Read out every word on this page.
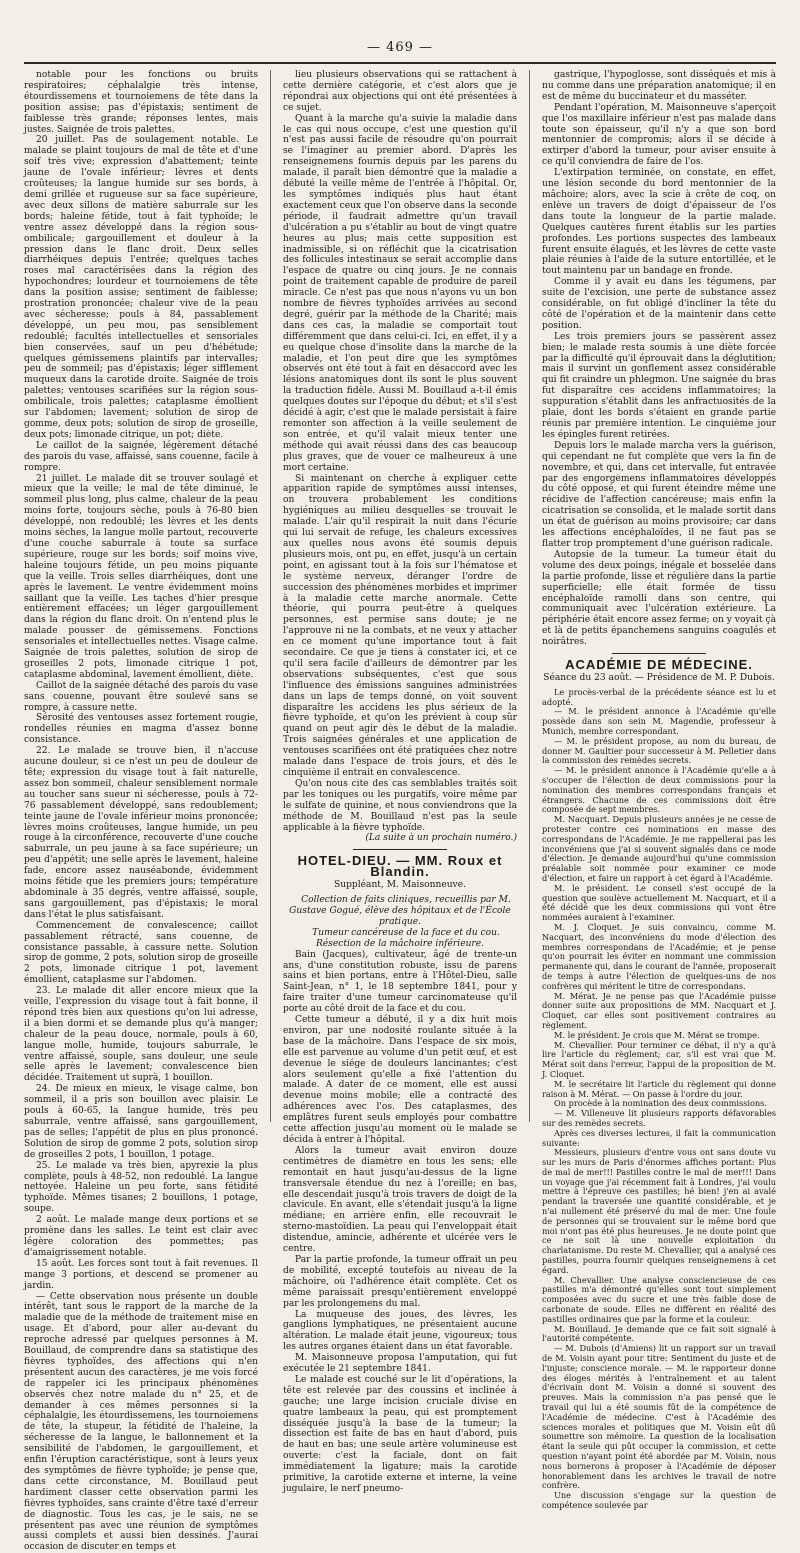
— 469 —

notable pour les fonctions ou bruits respiratoires; céphalalgie très intense, étourdissemens et tournoiemens de tête dans la position assise; pas d'épistaxis; sentiment de faiblesse très grande; réponses lentes, mais justes. Saignée de trois palettes.

20 juillet. Pas de soulagement notable. Le malade se plaint toujours de mal de tête et d'une soif très vive; expression d'abattement; teinte jaune de l'ovale inférieur; lèvres et dents croûteuses; la langue humide sur ses bords, à demi grillée et rugueuse sur sa face supérieure, avec deux sillons de matière saburrale sur les bords; haleine fétide, tout à fait typhoïde; le ventre assez développé dans la région sous-ombilicale; gargouillement et douleur à la pression dans le flanc droit. Deux selles diarrhéiques depuis l'entrée; quelques taches roses mal caractérisées dans la région des hypochondres; lourdeur et tournoiemens de tête dans la position assise; sentiment de faiblesse; prostration prononcée; chaleur vive de la peau avec sécheresse; pouls à 84, passablement développé, un peu mou, pas sensiblement redoublé; facultés intellectuelles et sensoriales bien conservées, sauf un peu d'hébétude; quelques gémissemens plaintifs par intervalles; peu de sommeil; pas d'épistaxis; léger sifflement muqueux dans la carotide droite. Saignée de trois palettes; ventouses scarifiées sur la région sous-ombilicale, trois palettes; cataplasme émollient sur l'abdomen; lavement; solution de sirop de gomme, deux pots; solution de sirop de groseille, deux pots; limonade citrique, un pot; diète.

Le caillot de la saignée, légèrement détaché des parois du vase, affaissé, sans couenne, facile à rompre.

21 juillet. Le malade dit se trouver soulagé et mieux que la veille; le mal de tête diminué, le sommeil plus long, plus calme, chaleur de la peau moins forte, toujours sèche, pouls à 76-80 bien développé, non redoublé; les lèvres et les dents moins sèches, la langue molle partout, recouverte d'une couche saburrale à toute sa surface supérieure, rouge sur les bords; soif moins vive, haleine toujours fétide, un peu moins piquante que la veille. Trois selles diarrhéiques, dont une après le lavement. Le ventre évidemment moins saillant que la veille. Les taches d'hier presque entièrement effacées; un léger gargouillement dans la région du flanc droit. On n'entend plus le malade pousser de gémissemens. Fonctions sensoriales et intellectuelles nettes. Visage calme. Saignée de trois palettes, solution de sirop de groseilles 2 pots, limonade citrique 1 pot, cataplasme abdominal, lavement émollient, diète.

Caillot de la saignée détaché des parois du vase sans couenne, pouvant être soulevé sans se rompre, à cassure nette.

Sérosité des ventouses assez fortement rougie, rondelles réunies en magma d'assez bonne consistance.

22. Le malade se trouve bien, il n'accuse aucune douleur, si ce n'est un peu de douleur de tête; expression du visage tout à fait naturelle, assez bon sommeil, chaleur sensiblement normale au toucher sans sueur ni sécheresse, pouls à 72-76 passablement développé, sans redoublement; teinte jaune de l'ovale inférieur moins prononcée; lèvres moins croûteuses, langue humide, un peu rouge à la circonférence, recouverte d'une couche saburrale, un peu jaune à sa face supérieure; un peu d'appétit; une selle après le lavement, haleine fade, encore assez nauséabonde, évidemment moins fétide que les premiers jours; température abdominale à 35 degrés, ventre affaissé, souple, sans gargouillement, pas d'épistaxis; le moral dans l'état le plus satisfaisant.

Commencement de convalescence; caillot passablement rétracté, sans couenne, de consistance passable, à cassure nette. Solution sirop de gomme, 2 pots, solution sirop de groseille 2 pots, limonade citrique 1 pot, lavement émollient, cataplasme sur l'abdomen.

23. Le malade dit aller encore mieux que la veille, l'expression du visage tout à fait bonne, il répond très bien aux questions qu'on lui adresse, il a bien dormi et se demande plus qu'à manger; chaleur de la peau douce, normale, pouls à 60, langue molle, humide, toujours saburrale, le ventre affaissé, souple, sans douleur, une seule selle après le lavement; convalescence bien décidée. Traitement ut suprà, 1 bouillon.

24. De mieux en mieux, le visage calme, bon sommeil, il a pris son bouillon avec plaisir. Le pouls à 60-65, la langue humide, très peu saburrale, ventre affaissé, sans gargouillement, pas de selles; l'appétit de plus en plus prononcé. Solution de sirop de gomme 2 pots, solution sirop de groseilles 2 pots, 1 bouillon, 1 potage.

25. Le malade va très bien, apyrexie la plus complète, pouls à 48-52, non redoublé. La langue nettoyée. Haleine un peu forte, sans fétidité typhoïde. Mêmes tisanes; 2 bouillons, 1 potage, soupe.

2 août. Le malade mange deux portions et se promène dans les salles. Le teint est clair avec légère coloration des pommettes; pas d'amaigrissement notable.

15 août. Les forces sont tout à fait revenues. Il mange 3 portions, et descend se promener au jardin.

— Cette observation nous présente un double intérêt, tant sous le rapport de la marche de la maladie que de la méthode de traitement mise en usage. Et d'abord, pour aller au-devant du reproche adressé par quelques personnes à M. Bouillaud, de comprendre dans sa statistique des fièvres typhoïdes, des affections qui n'en présentent aucun des caractères, je me vois forcé de rappeler ici les principaux phénomènes observés chez notre malade du n° 25, et de demander à ces mêmes personnes si la céphalalgie, les étourdissemens, les tournoiemens de tête, la stupeur, la fétidité de l'haleine, la sécheresse de la langue, le ballonnement et la sensibilité de l'abdomen, le gargouillement, et enfin l'éruption caractéristique, sont à leurs yeux des symptômes de fièvre typhoïde; je pense que, dans cette circonstance, M. Bouillaud peut hardiment classer cette observation parmi les fièvres typhoïdes, sans crainte d'être taxé d'erreur de diagnostic. Tous les cas, je le sais, ne se présentent pas avec une réunion de symptômes aussi complets et aussi bien dessinés. J'aurai occasion de discuter en temps et

lieu plusieurs observations qui se rattachent à cette dernière catégorie, et c'est alors que je répondrai aux objections qui ont été présentées à ce sujet.

Quant à la marche qu'a suivie la maladie dans le cas qui nous occupe, c'est une question qu'il n'est pas aussi facile de résoudre qu'on pourrait se l'imaginer au premier abord. D'après les renseignemens fournis depuis par les parens du malade, il paraît bien démontré que la maladie a débuté la veille même de l'entrée à l'hôpital. Or, les symptômes indiqués plus haut étant exactement ceux que l'on observe dans la seconde période, il faudrait admettre qu'un travail d'ulcération a pu s'établir au bout de vingt quatre heures au plus; mais cette supposition est inadmissible, si on réfléchit que la cicatrisation des follicules intestinaux se serait accomplie dans l'espace de quatre ou cinq jours. Je ne connais point de traitement capable de produire de pareil miracle. Ce n'est pas que nous n'ayons vu un bon nombre de fièvres typhoïdes arrivées au second degré, guérir par la méthode de la Charité; mais dans ces cas, la maladie se comportait tout différemment que dans celui-ci. Ici, en effet, il y a eu quelque chose d'insolite dans la marche de la maladie, et l'on peut dire que les symptômes observés ont été tout à fait en désaccord avec les lésions anatomiques dont ils sont le plus souvent la traduction fidèle. Aussi M. Bouillaud a-t-il émis quelques doutes sur l'époque du début; et s'il s'est décidé à agir, c'est que le malade persistait à faire remonter son affection à la veille seulement de son entrée, et qu'il valait mieux tenter une méthode qui avait réussi dans des cas beaucoup plus graves, que de vouer ce malheureux à une mort certaine.

Si maintenant on cherche à expliquer cette apparition rapide de symptômes aussi intenses, on trouvera probablement les conditions hygiéniques au milieu desquelles se trouvait le malade. L'air qu'il respirait la nuit dans l'écurie qui lui servait de refuge, les chaleurs excessives aux quelles nous avons été soumis depuis plusieurs mois, ont pu, en effet, jusqu'à un certain point, en agissant tout à la fois sur l'hématose et le système nerveux, déranger l'ordre de succession des phénomènes morbides et imprimer à la maladie cette marche anormale. Cette théorie, qui pourra peut-être à quelques personnes, est permise sans doute; je ne l'approuve ni ne la combats, et ne veux y attacher en ce moment qu'une importance tout à fait secondaire. Ce que je tiens à constater ici, et ce qu'il sera facile d'ailleurs de démontrer par les observations subséquentes, c'est que sous l'influence des émissions sanguines administrées dans un laps de temps donné, on voit souvent disparaître les accidens les plus sérieux de la fièvre typhoïde, et qu'on les prévient à coup sûr quand on peut agir dès le début de la maladie. Trois saignées générales et une application de ventouses scarifiées ont été pratiquées chez notre malade dans l'espace de trois jours, et dès le cinquième il entrait en convalescence.

Qu'on nous cite des cas semblables traités soit par les toniques ou les purgatifs, voire même par le sulfate de quinine, et nous conviendrons que la méthode de M. Bouillaud n'est pas la seule applicable à la fièvre typhoïde.

(La suite à un prochain numéro.)

HOTEL-DIEU. — MM. Roux et Blandin.
Suppléant, M. Maisonneuve.

Collection de faits cliniques, recueillis par M. Gustave Gogué, élève des hôpitaux et de l'École pratique.

Tumeur cancéreuse de la face et du cou. Résection de la mâchoire inférieure.

Bain (Jacques), cultivateur, âgé de trente-un ans, d'une constitution robuste, issu de parens sains et bien portans, entre à l'Hôtel-Dieu, salle Saint-Jean, n° 1, le 18 septembre 1841, pour y faire traiter d'une tumeur carcinomateuse qu'il porte au côté droit de la face et du cou.

Cette tumeur a débuté, il y a dix huit mois environ, par une nodosité roulante située à la base de la mâchoire. Dans l'espace de six mois, elle est parvenue au volume d'un petit œuf, et est devenue le siége de douleurs lancinantes; c'est alors seulement qu'elle a fixé l'attention du malade. A dater de ce moment, elle est aussi devenue moins mobile; elle a contracté des adhérences avec l'os. Des cataplasmes, des emplâtres furent seuls employés pour combattre cette affection jusqu'au moment où le malade se décida à entrer à l'hôpital.

Alors la tumeur avait environ douze centimètres de diamètre en tous les sens; elle remontait en haut jusqu'au-dessus de la ligne transversale étendue du nez à l'oreille; en bas, elle descendait jusqu'à trois travers de doigt de la clavicule. En avant, elle s'étendait jusqu'à la ligne médiane; en arrière enfin, elle recouvrait le sterno-mastoïdien. La peau qui l'enveloppait était distendue, amincie, adhérente et ulcérée vers le centre.

Par la partie profonde, la tumeur offrait un peu de mobilité, excepté toutefois au niveau de la mâchoire, où l'adhérence était complète. Cet os même paraissait presqu'entièrement enveloppé par les prolongemens du mal.

La muqueuse des joues, des lèvres, les ganglions lymphatiques, ne présentaient aucune altération. Le malade était jeune, vigoureux; tous les autres organes étaient dans un état favorable.

M. Maisonneuve proposa l'amputation, qui fut exécutée le 21 septembre 1841.

Le malade est couché sur le lit d'opérations, la tête est relevée par des coussins et inclinée à gauche; une large incision cruciale divise en quatre lambeaux la peau, qui est promptement disséquée jusqu'à la base de la tumeur; la dissection est faite de bas en haut d'abord, puis de haut en bas; une seule artère volumineuse est ouverte: c'est la faciale, dont on fait immédiatement la ligature; mais la carotide primitive, la carotide externe et interne, la veine jugulaire, le nerf pneumo-

gastrique, l'hypoglosse, sont disséqués et mis à nu comme dans une préparation anatomique; il en est de même du buccinateur et du masséter.

Pendant l'opération, M. Maisonneuve s'aperçoit que l'os maxillaire inférieur n'est pas malade dans toute son épaisseur, qu'il n'y a que son bord mentonnier de compromis; alors il se décide à extirper d'abord la tumeur, pour aviser ensuite à ce qu'il conviendra de faire de l'os.

L'extirpation terminée, on constate, en effet, une lésion seconde du bord mentonnier de la mâchoire; alors, avec la scie à crête de coq, on enlève un travers de doigt d'épaisseur de l'os dans toute la longueur de la partie malade. Quelques cautères furent établis sur les parties profondes. Les portions suspectes des lambeaux furent ensuite élagués, et les lèvres de cette vaste plaie réunies à l'aide de la suture entortillée, et le tout maintenu par un bandage en fronde.

Comme il y avait eu dans les tégumens, par suite de l'excision, une perte de substance assez considérable, on fut obligé d'incliner la tête du côté de l'opération et de la maintenir dans cette position.

Les trois premiers jours se passèrent assez bien; le malade resta soumis à une diète forcée par la difficulté qu'il éprouvait dans la déglutition; mais il survint un gonflement assez considérable qui fit craindre un phlegmon. Une saignée du bras fut disparaître ces accidens inflammatoires; la suppuration s'établit dans les anfractuosités de la plaie, dont les bords s'étaient en grande partie réunis par première intention. Le cinquième jour les épingles furent retirées.

Depuis lors le malade marcha vers la guérison, qui cependant ne fut complète que vers la fin de novembre, et qui, dans cet intervalle, fut entravée par des engorgemens inflammatoires développés du côté opposé, et qui furent éteindre même une récidive de l'affection cancéreuse; mais enfin la cicatrisation se consolida, et le malade sortit dans un état de guérison au moins provisoire; car dans les affections encéphaloïdes, il ne faut pas se flatter trop promptement d'une guérison radicale.

Autopsie de la tumeur. La tumeur était du volume des deux poings, inégale et bosselée dans la partie profonde, lisse et régulière dans la partie superficielle; elle était formée de tissu encéphaloïde ramolli dans son centre, qui communiquait avec l'ulcération extérieure. La périphérie était encore assez ferme; on y voyait çà et là de petits épanchemens sanguins coagulés et noirâtres.

ACADÉMIE DE MÉDECINE.
Séance du 23 août. — Présidence de M. P. Dubois.

Le procès-verbal de la précédente séance est lu et adopté.

— M. le président annonce à l'Académie qu'elle possède dans son sein M. Magendie, professeur à Munich, membre correspondant.

— M. le président propose, au nom du bureau, de donner M. Gaultier pour successeur à M. Pelletier dans la commission des remèdes secrets.

— M. le président annonce à l'Académie qu'elle a à s'occuper de l'élection de deux commissions pour la nomination des membres correspondans français et étrangers. Chacune de ces commissions doit être composée de sept membres.

M. Nacquart. Depuis plusieurs années je ne cesse de protester contre ces nominations en masse des correspondans de l'Académie. Je me rappellerai pas les inconvéniens que j'ai si souvent signalés dans ce mode d'élection. Je demande aujourd'hui qu'une commission préalable soit nommée pour examiner ce mode d'élection, et faire un rapport à cet égard à l'Académie.

M. le président. Le conseil s'est occupé de la question que soulève actuellement M. Nacquart, et il a été décidé que les deux commissions qui vont être nommées auraient à l'examiner.

M. J. Cloquet. Je suis convaincu, comme M. Nacquart, des inconvéniens du mode d'élection des membres correspondans de l'Académie; et je pense qu'on pourrait les éviter en nommant une commission permanente qui, dans le courant de l'année, proposerait de temps à autre l'élection de quelques-uns de nos confrères qui méritent le titre de correspondans.

M. Mérat. Je ne pense pas que l'Académie puisse donner suite aux propositions de MM. Nacquart et J. Cloquet, car elles sont positivement contraires au règlement.

M. le président. Je crois que M. Mérat se trompe.

M. Chevallier. Pour terminer ce débat, il n'y a qu'à lire l'article du règlement; car, s'il est vrai que M. Mérat soit dans l'erreur, l'appui de la proposition de M. J. Cloquet.

M. le secrétaire lit l'article du règlement qui donne raison à M. Mérat. — On passe à l'ordre du jour.

On procède à la nomination des deux commissions.

— M. Villeneuve lit plusieurs rapports défavorables sur des remèdes secrets.

Après ces diverses lectures, il fait la communication suivante:

Messieurs, plusieurs d'entre vous ont sans doute vu sur les murs de Paris d'énormes affiches portant: Plus de mal de mer!!! Pastilles contre le mal de mer!!! Dans un voyage que j'ai récemment fait à Londres, j'ai voulu mettre à l'épreuve ces pastilles; hé bien! j'en ai avalé pendant la traversée une quantité considérable, et je n'ai nullement été préservé du mal de mer. Une foule de personnes qui se trouvaient sur le même bord que moi n'ont pas été plus heureuses. Je ne doute point que ce ne soit là une nouvelle exploitation du charlatanisme. Du reste M. Chevallier, qui a analysé ces pastilles, pourra fournir quelques renseignemens à cet égard.

M. Chevallier. Une analyse consciencieuse de ces pastilles m'a démontré qu'elles sont tout simplement composées avec du sucre et une très faible dose de carbonate de soude. Elles ne diffèrent en réalité des pastilles ordinaires que par la forme et la couleur.

M. Bouillaud. Je demande que ce fait soit signalé à l'autorité compétente.

— M. Dubois (d'Amiens) lit un rapport sur un travail de M. Voisin ayant pour titre: Sentiment du juste et de l'injuste; conscience morale. — M. le rapporteur donne des éloges mérités à l'entraînement et au talent d'écrivain dont M. Voisin a donné si souvent des preuves. Mais la commission n'a pas pensé que le travail qui lui a été soumis fût de la compétence de l'Académie de médecine. C'est à l'Académie des sciences morales et politiques que M. Voisin eût dû soumettre son mémoire. La question de la localisation étant la seule qui pût occuper la commission, et cette question n'ayant point été abordée par M. Voisin, nous nous bornerons à proposer à l'Académie de déposer honorablement dans les archives le travail de notre confrère.

Une discussion s'engage sur la question de compétence soulevée par
